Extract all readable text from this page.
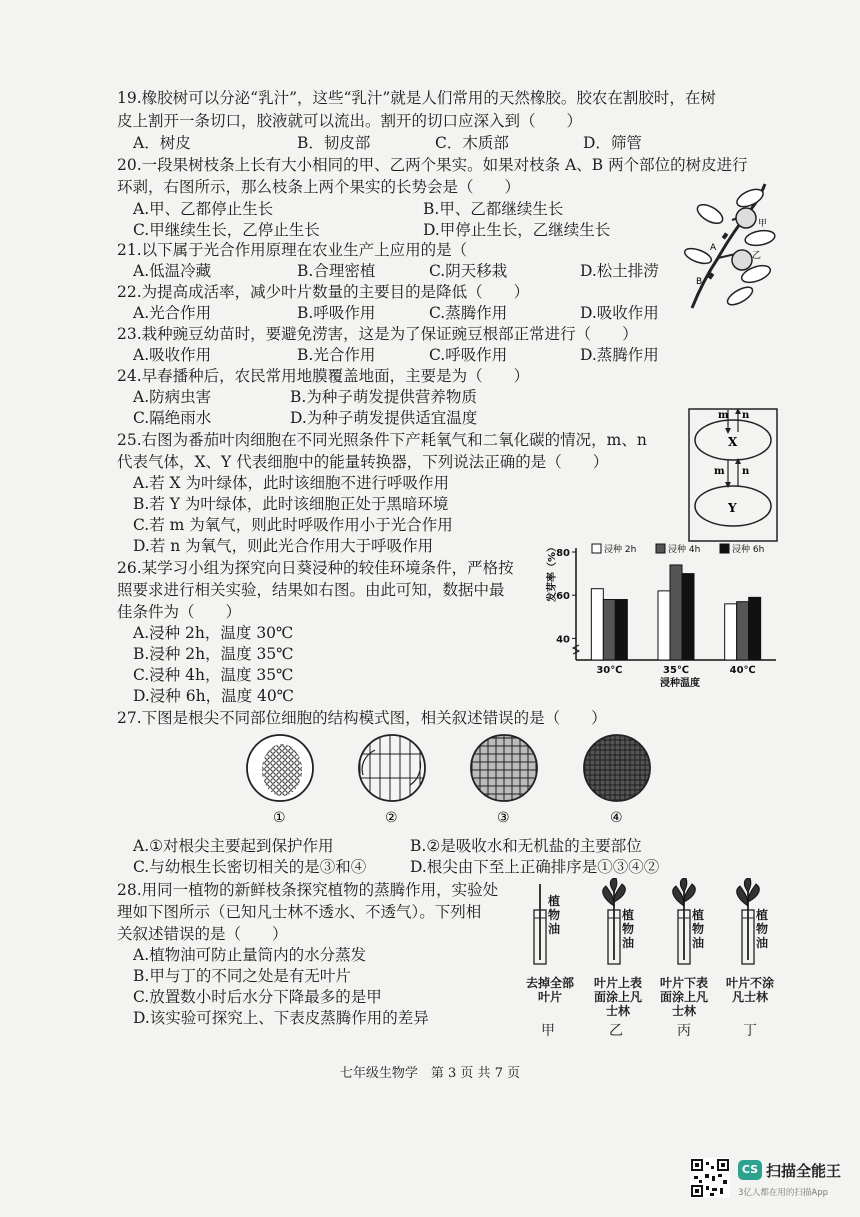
19.橡胶树可以分泌“乳汁”，这些“乳汁”就是人们常用的天然橡胶。胶农在割胶时，在树
皮上割开一条切口，胶液就可以流出。割开的切口应深入到（　　）
A．树皮	B．韧皮部	C．木质部	D．筛管
20.一段果树枝条上长有大小相同的甲、乙两个果实。如果对枝条 A、B 两个部位的树皮进行
环剥，右图所示，那么枝条上两个果实的长势会是（　　）
A.甲、乙都停止生长	B.甲、乙都继续生长
C.甲继续生长，乙停止生长	D.甲停止生长，乙继续生长	甲
乙
A
B
21.以下属于光合作用原理在农业生产上应用的是（
A.低温冷藏	B.合理密植	C.阴天移栽	D.松土排涝
22.为提高成活率，减少叶片数量的主要目的是降低（　　）
A.光合作用	B.呼吸作用	C.蒸腾作用	D.吸收作用
23.栽种豌豆幼苗时，要避免涝害，这是为了保证豌豆根部正常进行（　　）
A.吸收作用	B.光合作用	C.呼吸作用	D.蒸腾作用
24.早春播种后，农民常用地膜覆盖地面，主要是为（　　）
A.防病虫害	B.为种子萌发提供营养物质
C.隔绝雨水	D.为种子萌发提供适宜温度	m n
m n
X
Y
25.右图为番茄叶肉细胞在不同光照条件下产耗氧气和二氧化碳的情况，m、n
代表气体，X、Y 代表细胞中的能量转换器，下列说法正确的是（　　）
A.若 X 为叶绿体，此时该细胞不进行呼吸作用
B.若 Y 为叶绿体，此时该细胞正处于黑暗环境
C.若 m 为氧气，则此时呼吸作用小于光合作用
D.若 n 为氧气，则此光合作用大于呼吸作用
26.某学习小组为探究向日葵浸种的较佳环境条件，严格按
照要求进行相关实验，结果如右图。由此可知，数据中最
佳条件为（　　）
A.浸种 2h，温度 30℃
B.浸种 2h，温度 35℃
C.浸种 4h，温度 35℃
D.浸种 6h，温度 40℃
发芽率（%）
浸种温度
40
60
80
30℃	35℃	40℃
浸种 2h	浸种 4h	浸种 6h
27.下图是根尖不同部位细胞的结构模式图，相关叙述错误的是（　　）
①	②	③	④
A.①对根尖主要起到保护作用	B.②是吸收水和无机盐的主要部位
C.与幼根生长密切相关的是③和④	D.根尖由下至上正确排序是①③④②
28.用同一植物的新鲜枝条探究植物的蒸腾作用，实验处
理如下图所示（已知凡士林不透水、不透气）。下列相
关叙述错误的是（　　）
A.植物油可防止量筒内的水分蒸发
B.甲与丁的不同之处是有无叶片
C.放置数小时后水分下降最多的是甲
D.该实验可探究上、下表皮蒸腾作用的差异
植物油
植物油
植物油
植物油
去掉全部叶片
叶片上表面涂上凡士林
叶片下表面涂上凡士林
叶片不涂凡士林
甲	乙	丙	丁
七年级生物学　第 3 页 共 7 页
CS 扫描全能王
3亿人都在用的扫描App
